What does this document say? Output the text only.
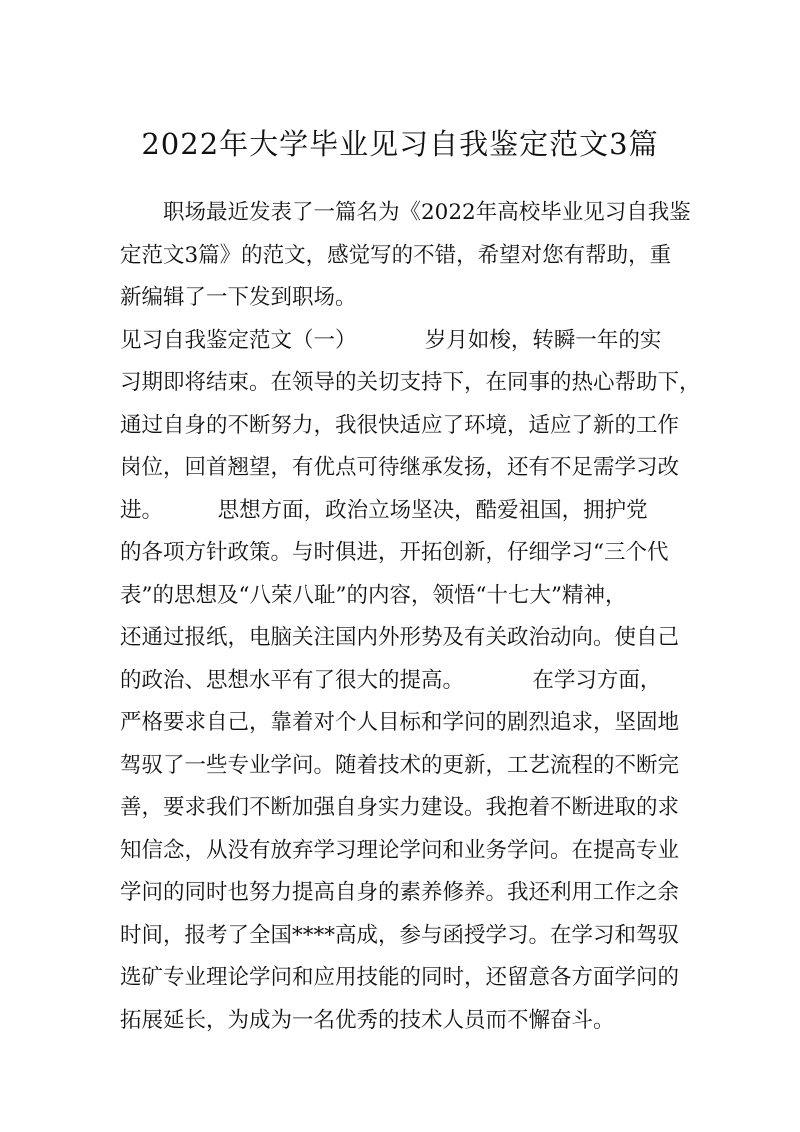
2022年大学毕业见习自我鉴定范文3篇

职场最近发表了一篇名为《2022年高校毕业见习自我鉴

定范文3篇》的范文，感觉写的不错，希望对您有帮助，重

新编辑了一下发到职场。

见习自我鉴定范文（一）          岁月如梭，转瞬一年的实

习期即将结束。在领导的关切支持下，在同事的热心帮助下，

通过自身的不断努力，我很快适应了环境，适应了新的工作

岗位，回首翘望，有优点可待继承发扬，还有不足需学习改

进。        思想方面，政治立场坚决，酷爱祖国，拥护党

的各项方针政策。与时俱进，开拓创新，仔细学习“三个代

表”的思想及“八荣八耻”的内容，领悟“十七大”精神，

还通过报纸，电脑关注国内外形势及有关政治动向。使自己

的政治、思想水平有了很大的提高。          在学习方面，

严格要求自己，靠着对个人目标和学问的剧烈追求，坚固地

驾驭了一些专业学问。随着技术的更新，工艺流程的不断完

善，要求我们不断加强自身实力建设。我抱着不断进取的求

知信念，从没有放弃学习理论学问和业务学问。在提高专业

学问的同时也努力提高自身的素养修养。我还利用工作之余

时间，报考了全国****高成，参与函授学习。在学习和驾驭

选矿专业理论学问和应用技能的同时，还留意各方面学问的

拓展延长，为成为一名优秀的技术人员而不懈奋斗。
